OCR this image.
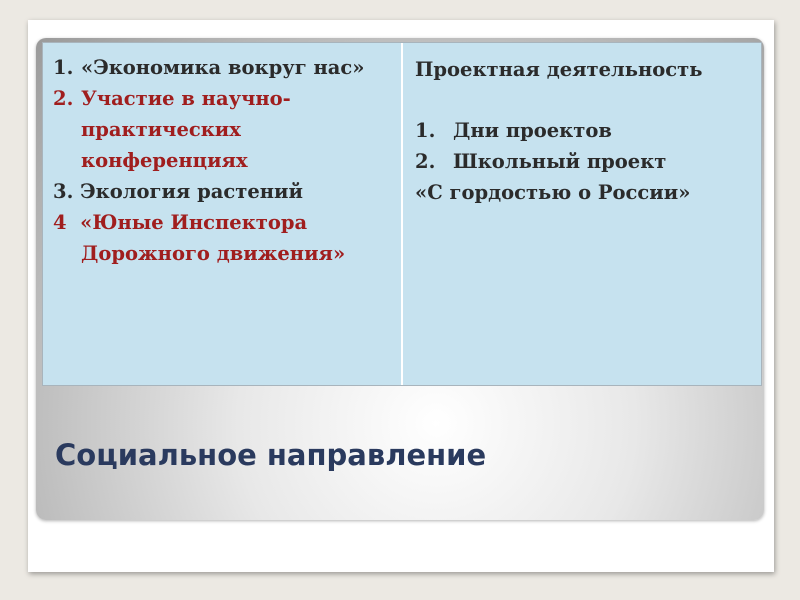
1. «Экономика вокруг нас»
2. Участие в научно-
практических
конференциях
3. Экология растений
4 «Юные Инспектора
Дорожного движения»
Проектная деятельность
1. Дни проектов
2. Школьный проект
«С гордостью о России»
Социальное направление
